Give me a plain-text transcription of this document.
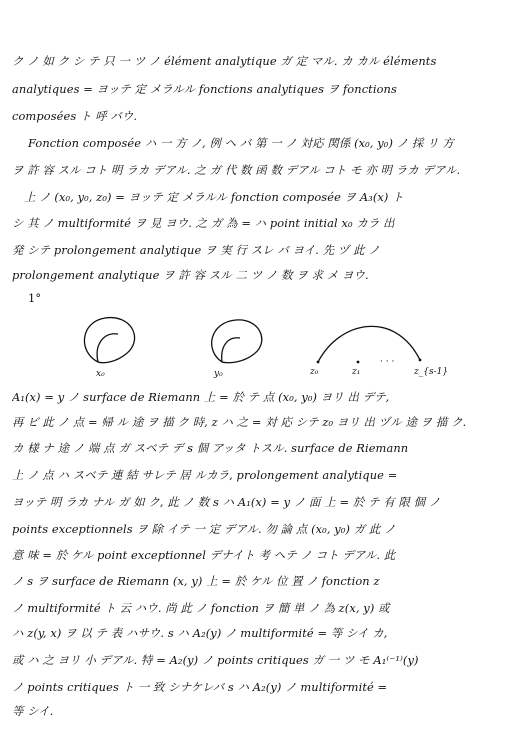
ク ノ 如 ク シ テ 只 一 ツ ノ élément analytique ガ 定 マル. カ カル éléments
analytiques = ヨッテ 定 メラルル fonctions analytiques ヲ fonctions
composées ト 呼 バウ.
Fonction composée ハ 一 方 ノ, 例 ヘ バ 第 一 ノ 対応 関係 (x₀, y₀) ノ 採 リ 方
ヲ 許 容 スル コト 明 ラカ デアル. 之 ガ 代 数 函 数 デアル コト モ 亦 明 ラカ デアル.
上 ノ (x₀, y₀, z₀) = ヨッテ 定 メラルル fonction composée ヲ A₃(x) ト
シ 其 ノ multiformité ヲ 見 ヨウ. 之 ガ 為 = ハ point initial x₀ カラ 出
発 シテ prolongement analytique ヲ 実 行 スレ バ ヨイ. 先 ヅ 此 ノ
prolongement analytique ヲ 許 容 スル 二 ツ ノ 数 ヲ 求 メ ヨウ.
1°
x₀	y₀	z₀	z₁
· · ·
z_{s-1}
A₁(x) = y ノ surface de Riemann 上 = 於 テ 点 (x₀, y₀) ヨリ 出 デテ,
再 ビ 此 ノ 点 = 帰 ル 途 ヲ 描 ク 時, z ハ 之 = 対 応 シテ z₀ ヨリ 出 ヅル 途 ヲ 描 ク.
カ 様 ナ 途 ノ 端 点 ガ スベテ デ s 個 アッタ トスル. surface de Riemann
上 ノ 点 ハ スベテ 連 結 サレテ 居 ルカラ, prolongement analytique =
ヨッテ 明 ラカ ナル ガ 如 ク, 此 ノ 数 s ハ A₁(x) = y ノ 面 上 = 於 テ 有 限 個 ノ
points exceptionnels ヲ 除 イテ 一 定 デアル. 勿 論 点 (x₀, y₀) ガ 此 ノ
意 味 = 於 ケル point exceptionnel デナイト 考 ヘテ ノ コト デアル. 此
ノ s ヲ surface de Riemann (x, y) 上 = 於 ケル 位 置 ノ fonction z
ノ multiformité ト 云 ハウ. 尚 此 ノ fonction ヲ 簡 単 ノ 為 z(x, y) 或
ハ z(y, x) ヲ 以 テ 表 ハサウ. s ハ A₂(y) ノ multiformité = 等 シイ カ,
或 ハ 之 ヨリ 小 デアル. 特 = A₂(y) ノ points critiques ガ 一 ツ モ A₁⁽⁻¹⁾(y)
ノ points critiques ト 一 致 シナケレバ s ハ A₂(y) ノ multiformité =
等 シイ.
